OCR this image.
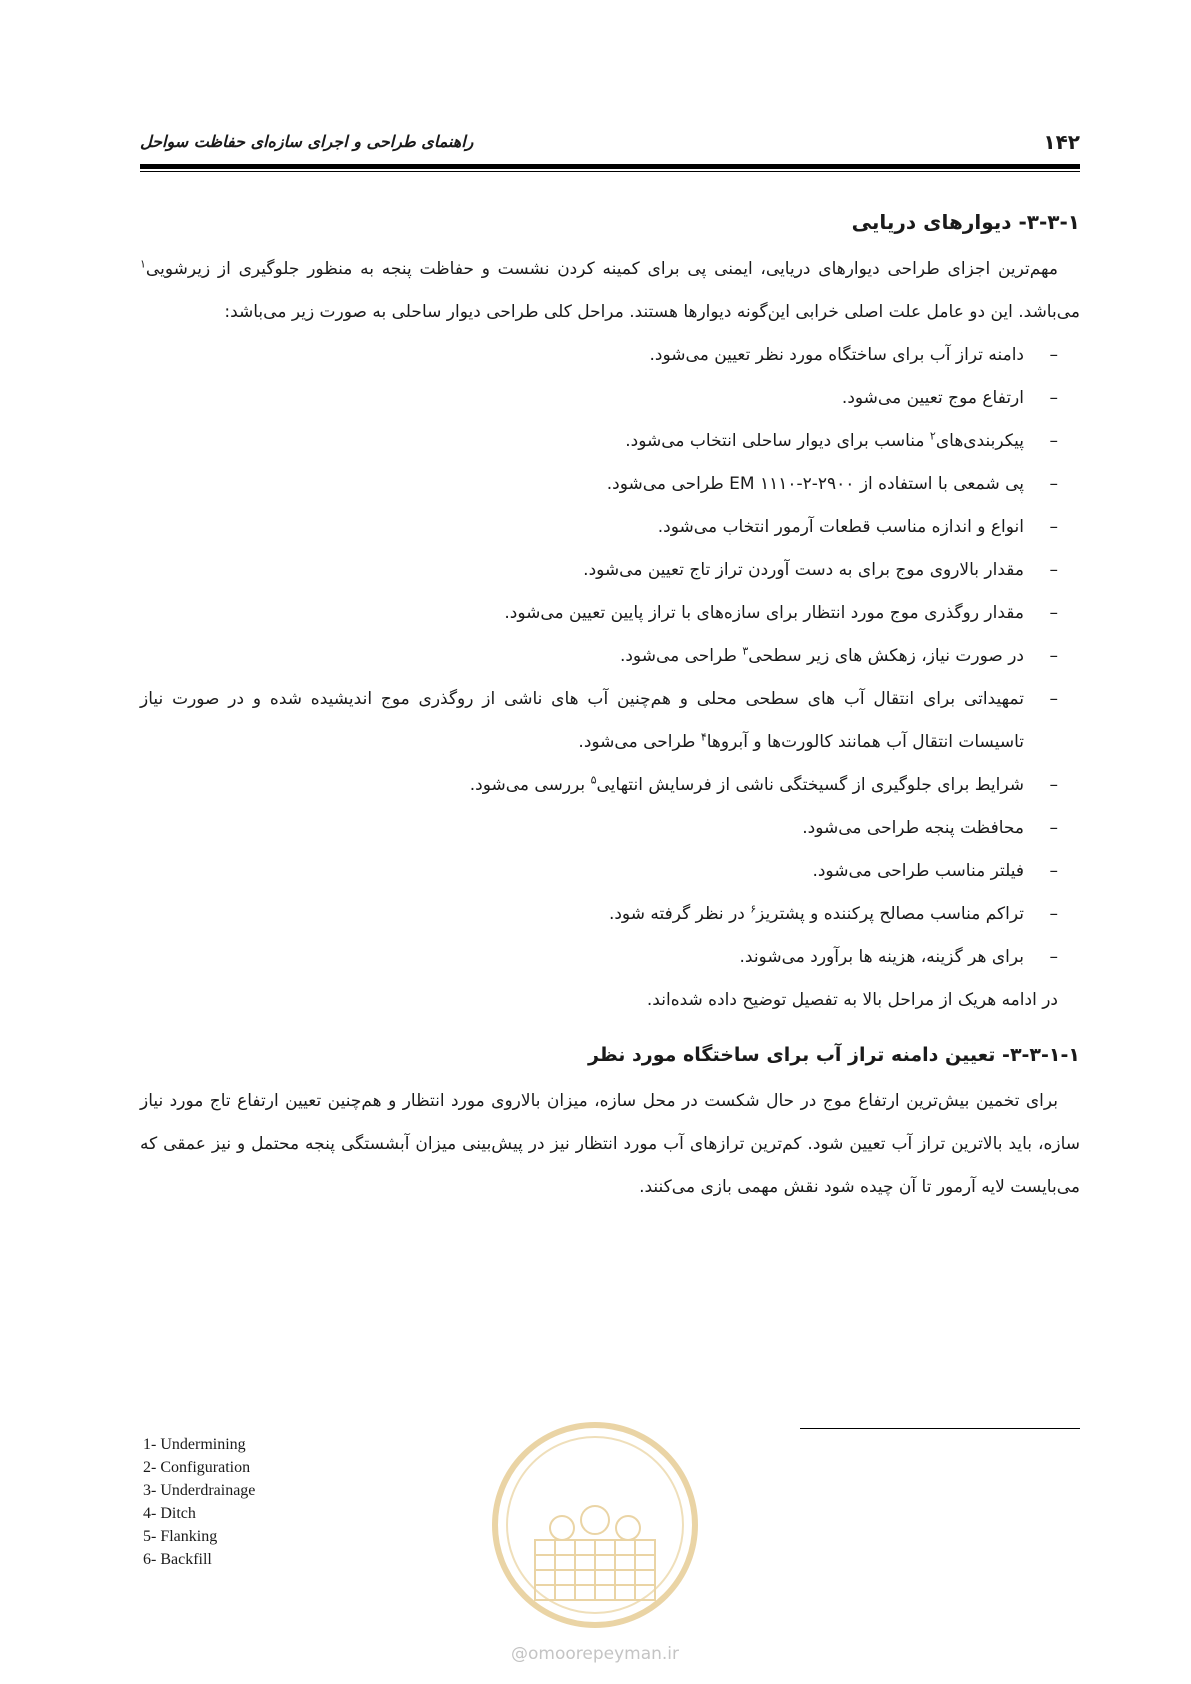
۱۴۲
راهنمای طراحی و اجرای سازه‌ای حفاظت سواحل
۳-۳-۱- دیوارهای دریایی

مهم‌ترین اجزای طراحی دیوارهای دریایی، ایمنی پی برای کمینه کردن نشست و حفاظت پنجه به منظور جلوگیری از زیرشویی$^۱$ می‌باشد. این دو عامل علت اصلی خرابی این‌گونه دیوارها هستند. مراحل کلی طراحی دیوار ساحلی به صورت زیر می‌باشد:

–
دامنه تراز آب برای ساختگاه مورد نظر تعیین می‌شود.
–
ارتفاع موج تعیین می‌شود.
–
پیکربندی‌های$^۲$ مناسب برای دیوار ساحلی انتخاب می‌شود.
–
پی شمعی با استفاده از EM ۱۱۱۰-۲-۲۹۰۰ طراحی می‌شود.
–
انواع و اندازه مناسب قطعات آرمور انتخاب می‌شود.
–
مقدار بالاروی موج برای به دست آوردن تراز تاج تعیین می‌شود.
–
مقدار روگذری موج مورد انتظار برای سازه‌های با تراز پایین تعیین می‌شود.
–
در صورت نیاز، زهکش های زیر سطحی$^۳$ طراحی می‌شود.
–
تمهیداتی برای انتقال آب های سطحی محلی و هم‌چنین آب های ناشی از روگذری موج اندیشیده شده و در صورت نیاز تاسیسات انتقال آب همانند کالورت‌ها و آبروها$^۴$ طراحی می‌شود.
–
شرایط برای جلوگیری از گسیختگی ناشی از فرسایش انتهایی$^۵$ بررسی می‌شود.
–
محافظت پنجه طراحی می‌شود.
–
فیلتر مناسب طراحی می‌شود.
–
تراکم مناسب مصالح پرکننده و پشتریز$^۶$ در نظر گرفته شود.
–
برای هر گزینه، هزینه ها برآورد می‌شوند.

در ادامه هریک از مراحل بالا به تفصیل توضیح داده شده‌اند.

۳-۳-۱-۱- تعیین دامنه تراز آب برای ساختگاه مورد نظر

برای تخمین بیش‌ترین ارتفاع موج در حال شکست در محل سازه، میزان بالاروی مورد انتظار و هم‌چنین تعیین ارتفاع تاج مورد نیاز سازه، باید بالاترین تراز آب تعیین شود. کم‌ترین ترازهای آب مورد انتظار نیز در پیش‌بینی میزان آبشستگی پنجه محتمل و نیز عمقی که می‌بایست لایه آرمور تا آن چیده شود نقش مهمی بازی می‌کنند.

1- Undermining
2- Configuration
3- Underdrainage
4- Ditch
5- Flanking
6- Backfill
@omoorepeyman.ir
